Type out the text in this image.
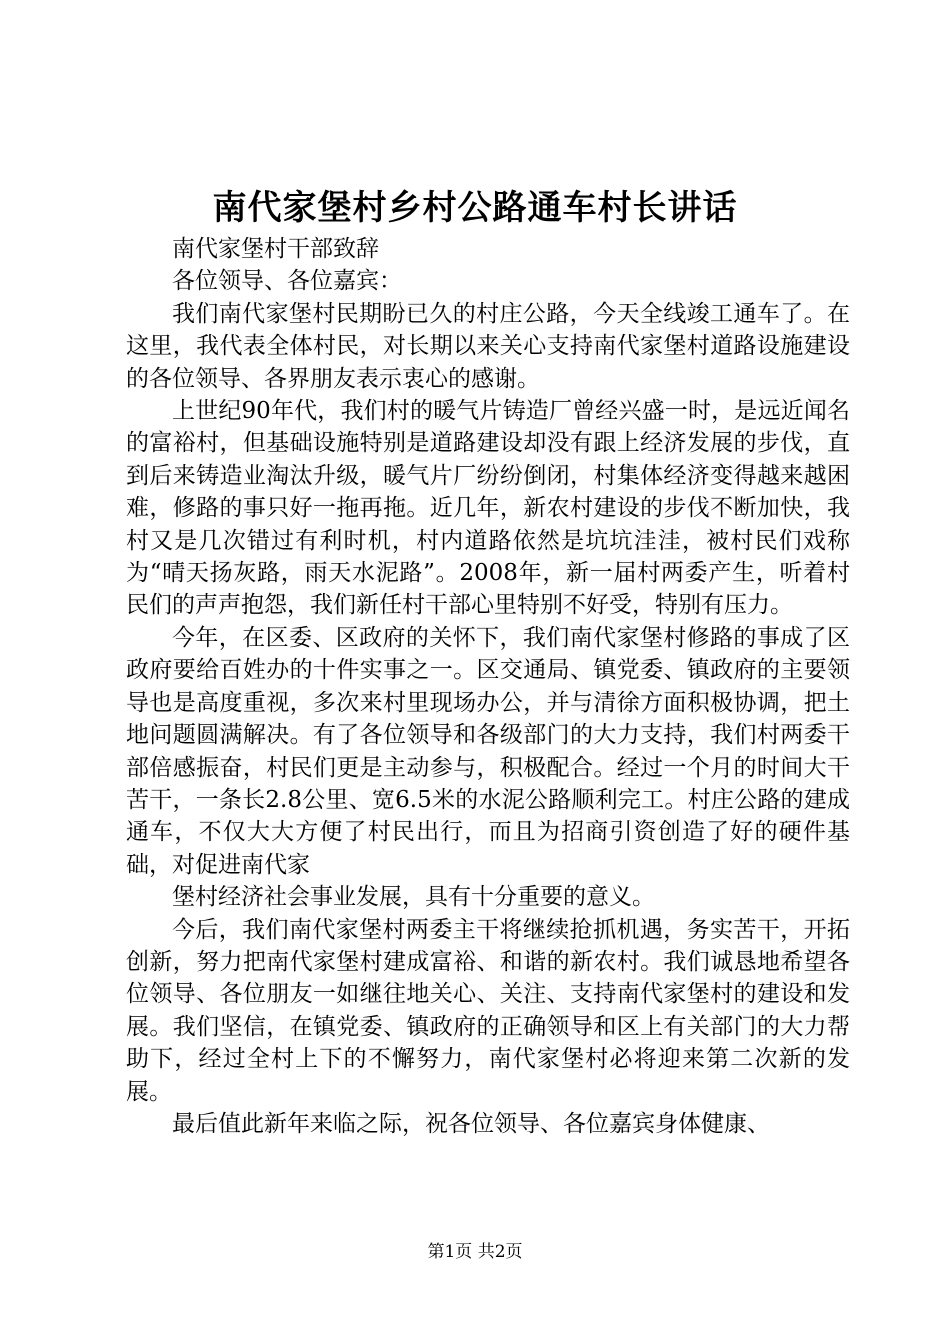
南代家堡村乡村公路通车村长讲话

南代家堡村干部致辞

各位领导、各位嘉宾：

我们南代家堡村民期盼已久的村庄公路，今天全线竣工通车了。在这里，我代表全体村民，对长期以来关心支持南代家堡村道路设施建设的各位领导、各界朋友表示衷心的感谢。

上世纪90年代，我们村的暖气片铸造厂曾经兴盛一时，是远近闻名的富裕村，但基础设施特别是道路建设却没有跟上经济发展的步伐，直到后来铸造业淘汰升级，暖气片厂纷纷倒闭，村集体经济变得越来越困难，修路的事只好一拖再拖。近几年，新农村建设的步伐不断加快，我村又是几次错过有利时机，村内道路依然是坑坑洼洼，被村民们戏称为“晴天扬灰路，雨天水泥路”。2008年，新一届村两委产生，听着村民们的声声抱怨，我们新任村干部心里特别不好受，特别有压力。

今年，在区委、区政府的关怀下，我们南代家堡村修路的事成了区政府要给百姓办的十件实事之一。区交通局、镇党委、镇政府的主要领导也是高度重视，多次来村里现场办公，并与清徐方面积极协调，把土地问题圆满解决。有了各位领导和各级部门的大力支持，我们村两委干部倍感振奋，村民们更是主动参与，积极配合。经过一个月的时间大干苦干，一条长2.8公里、宽6.5米的水泥公路顺利完工。村庄公路的建成通车，不仅大大方便了村民出行，而且为招商引资创造了好的硬件基础，对促进南代家

堡村经济社会事业发展，具有十分重要的意义。

今后，我们南代家堡村两委主干将继续抢抓机遇，务实苦干，开拓创新，努力把南代家堡村建成富裕、和谐的新农村。我们诚恳地希望各位领导、各位朋友一如继往地关心、关注、支持南代家堡村的建设和发展。我们坚信，在镇党委、镇政府的正确领导和区上有关部门的大力帮助下，经过全村上下的不懈努力，南代家堡村必将迎来第二次新的发展。

最后值此新年来临之际，祝各位领导、各位嘉宾身体健康、

第1页 共2页
